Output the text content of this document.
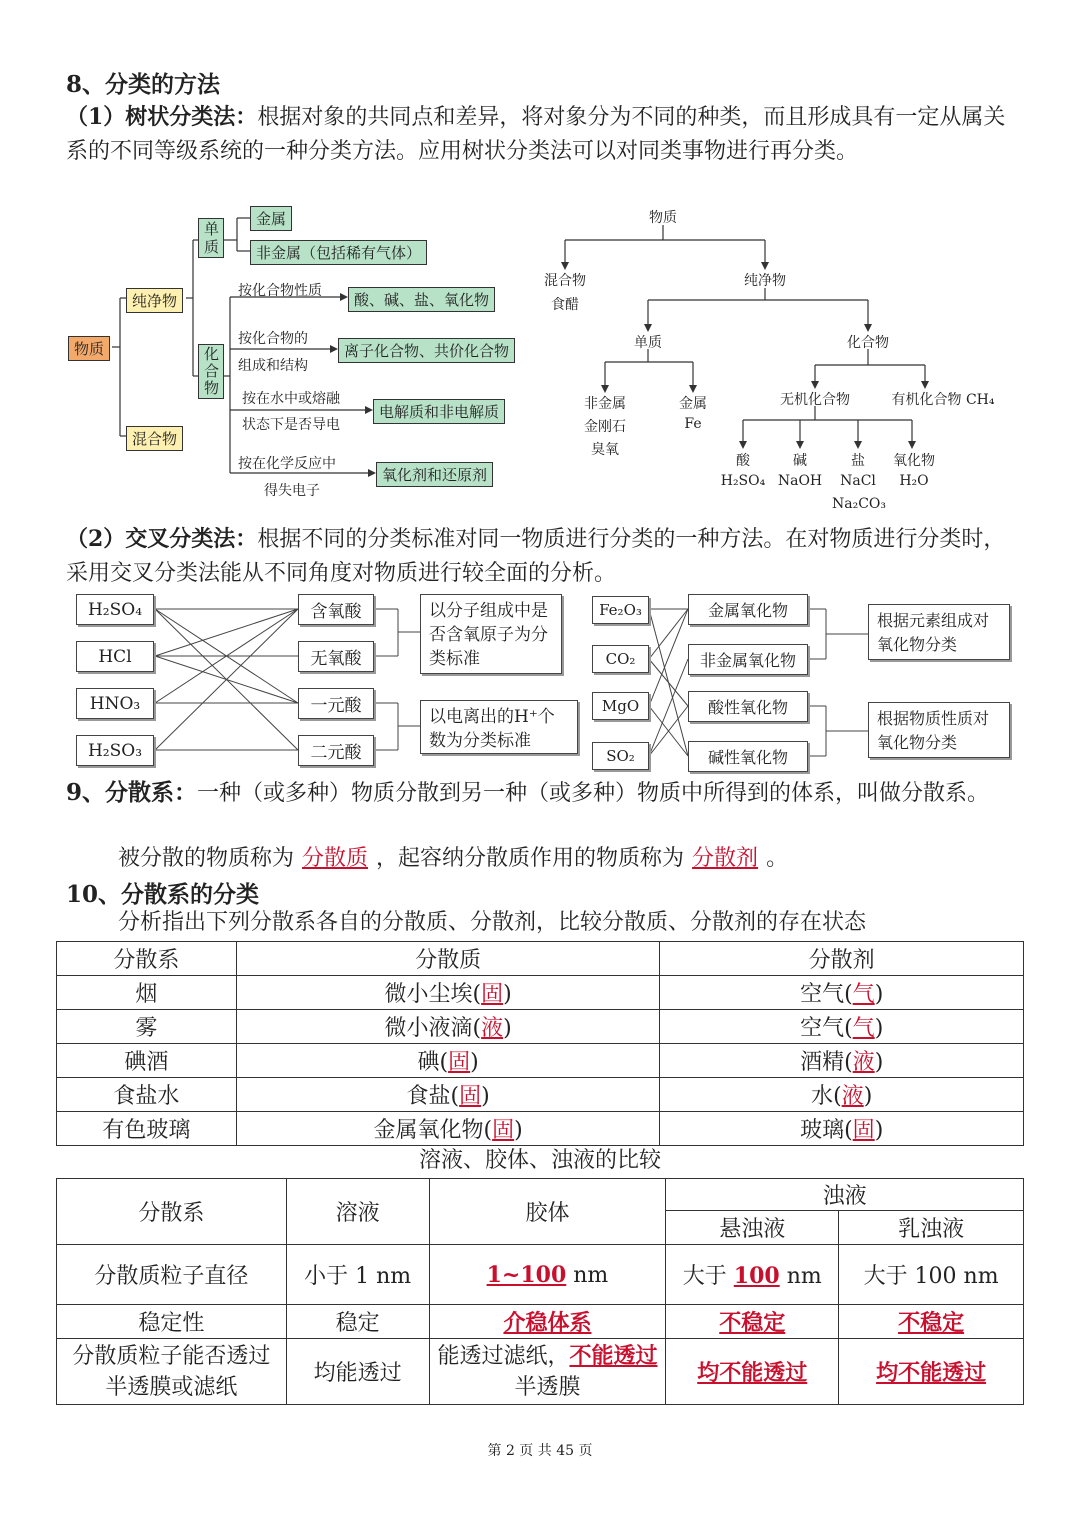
8、分类的方法
（1）树状分类法：根据对象的共同点和差异，将对象分为不同的种类，而且形成具有一定从属关系的不同等级系统的一种分类方法。应用树状分类法可以对同类事物进行再分类。
物质
纯净物
混合物
单质
化合物
金属
非金属（包括稀有气体）
按化合物性质	酸、碱、盐、氧化物
按化合物的
组成和结构
离子化合物、共价化合物
按在水中或熔融
状态下是否导电
电解质和非电解质
按在化学反应中
得失电子
氧化剂和还原剂
物质
混合物
食醋
纯净物
单质	化合物
非金属
金刚石
臭氧
金属
Fe
无机化合物	有机化合物 CH₄
酸
H₂SO₄
碱
NaOH
盐
NaCl
Na₂CO₃
氧化物
H₂O
（2）交叉分类法：根据不同的分类标准对同一物质进行分类的一种方法。在对物质进行分类时，采用交叉分类法能从不同角度对物质进行较全面的分析。
H₂SO₄
HCl
HNO₃
H₂SO₃
含氧酸
无氧酸
一元酸
二元酸
以分子组成中是否含氧原子为分类标准
以电离出的H⁺个数为分类标准
Fe₂O₃
CO₂
MgO
SO₂
金属氧化物
非金属氧化物
酸性氧化物
碱性氧化物
根据元素组成对氧化物分类
根据物质性质对氧化物分类
9、分散系：一种（或多种）物质分散到另一种（或多种）物质中所得到的体系，叫做分散系。
被分散的物质称为 分散质 ，起容纳分散质作用的物质称为 分散剂 。
10、分散系的分类
分析指出下列分散系各自的分散质、分散剂，比较分散质、分散剂的存在状态
分散系	分散质	分散剂
烟	微小尘埃(固)	空气(气)
雾	微小液滴(液)	空气(气)
碘酒	碘(固)	酒精(液)
食盐水	食盐(固)	水(液)
有色玻璃	金属氧化物(固)	玻璃(固)
溶液、胶体、浊液的比较
分散系	溶液	胶体	浊液	
			悬浊液	乳浊液
分散质粒子直径	小于 1 nm	1~100 nm	大于 100 nm	大于 100 nm
稳定性	稳定	介稳体系	不稳定	不稳定
分散质粒子能否透过半透膜或滤纸	均能透过	能透过滤纸，不能透过 半透膜	均不能透过	均不能透过
第 2 页 共 45 页
